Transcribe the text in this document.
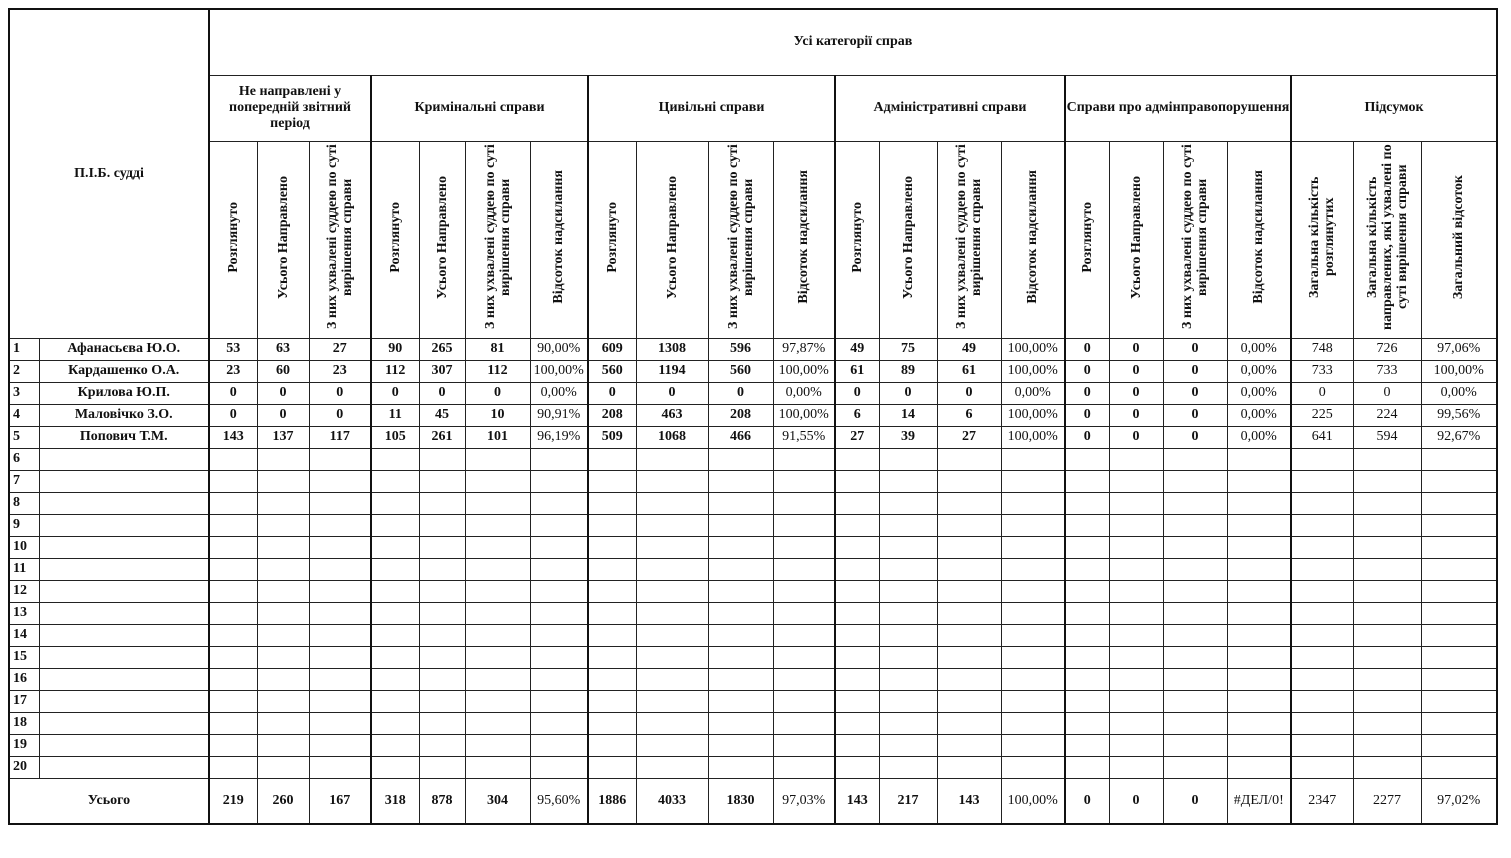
П.І.Б. судді		Усі категорії справ																					
		Не направлені у попередній звітний період			Кримінальні справи				Цивільні справи				Адміністративні справи				Справи про адмінправопорушення				Підсумок		
		Розглянуто	Усього Направлено	З них ухвалені суддею по суті вирішення справи	Розглянуто	Усього Направлено	З них ухвалені суддею по суті вирішення справи	Відсоток надсилання	Розглянуто	Усього Направлено	З них ухвалені суддею по суті вирішення справи	Відсоток надсилання	Розглянуто	Усього Направлено	З них ухвалені суддею по суті вирішення справи	Відсоток надсилання	Розглянуто	Усього Направлено	З них ухвалені суддею по суті вирішення справи	Відсоток надсилання	Загальна кількість розглянутих	Загальна кількість направлених, які ухвалені по суті вирішення справи	Загальний відсоток
1	Афанасьєва Ю.О.	53	63	27	90	265	81	90,00%	609	1308	596	97,87%	49	75	49	100,00%	0	0	0	0,00%	748	726	97,06%
2	Кардашенко О.А.	23	60	23	112	307	112	100,00%	560	1194	560	100,00%	61	89	61	100,00%	0	0	0	0,00%	733	733	100,00%
3	Крилова Ю.П.	0	0	0	0	0	0	0,00%	0	0	0	0,00%	0	0	0	0,00%	0	0	0	0,00%	0	0	0,00%
4	Маловічко З.О.	0	0	0	11	45	10	90,91%	208	463	208	100,00%	6	14	6	100,00%	0	0	0	0,00%	225	224	99,56%
5	Попович Т.М.	143	137	117	105	261	101	96,19%	509	1068	466	91,55%	27	39	27	100,00%	0	0	0	0,00%	641	594	92,67%
6																							
7																							
8																							
9																							
10																							
11																							
12																							
13																							
14																							
15																							
16																							
17																							
18																							
19																							
20																							
Усього		219	260	167	318	878	304	95,60%	1886	4033	1830	97,03%	143	217	143	100,00%	0	0	0	#ДЕЛ/0!	2347	2277	97,02%
